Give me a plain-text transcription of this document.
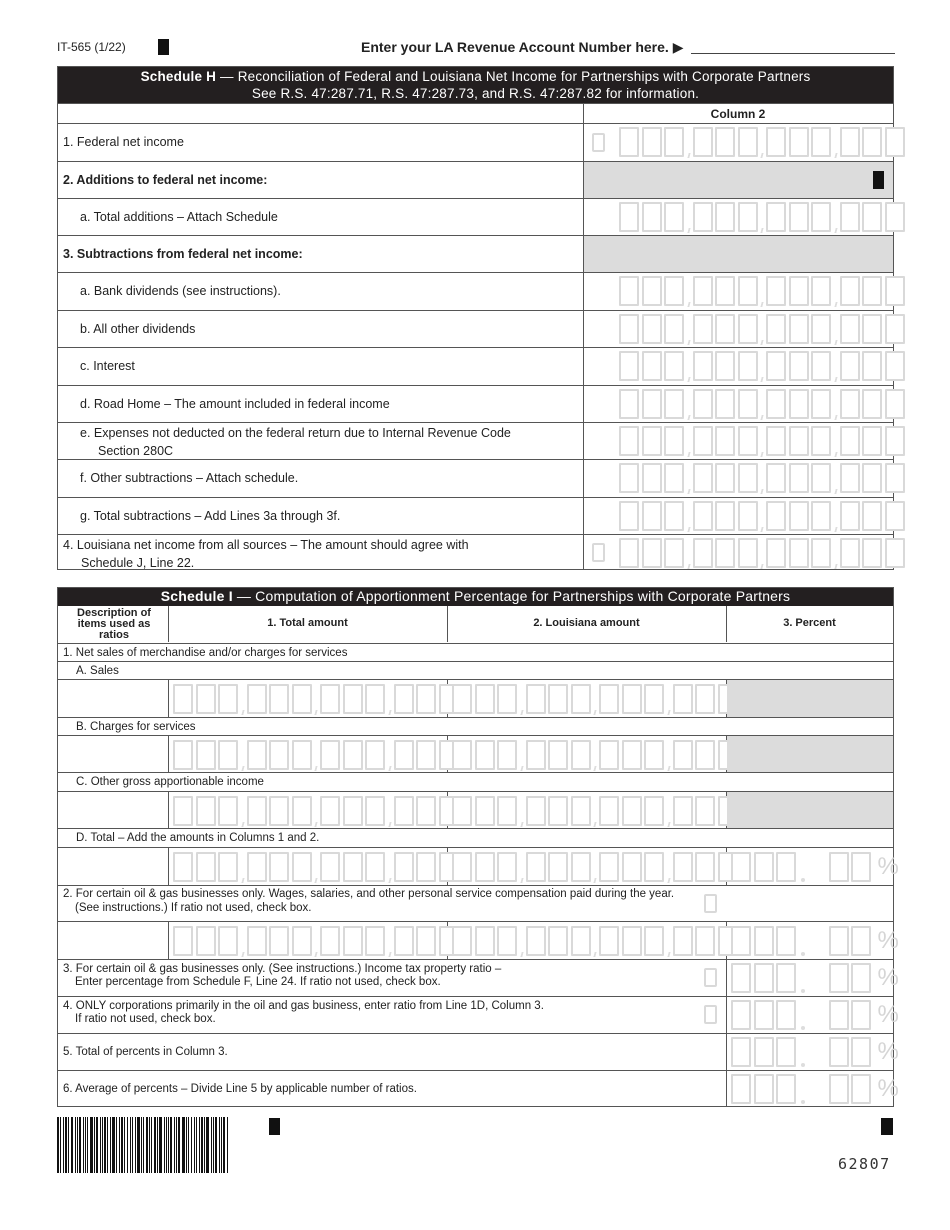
IT-565 (1/22)	Enter your LA Revenue Account Number here. ▶
Schedule H — Reconciliation of Federal and Louisiana Net Income for Partnerships with Corporate Partners
See R.S. 47:287.71, R.S. 47:287.73, and R.S. 47:287.82 for information.
Column 2
1. Federal net income
2. Additions to federal net income:
a. Total additions – Attach Schedule
3. Subtractions from federal net income:
a. Bank dividends (see instructions).
b. All other dividends
c. Interest
d. Road Home – The amount included in federal income
e. Expenses not deducted on the federal return due to Internal Revenue Code
Section 280C
f. Other subtractions – Attach schedule.
g. Total subtractions – Add Lines 3a through 3f.
4. Louisiana net income from all sources – The amount should agree with
Schedule J, Line 22.
Schedule I — Computation of Apportionment Percentage for Partnerships with Corporate Partners
Description of items used as ratios
1. Total amount	2. Louisiana amount	3. Percent
1. Net sales of merchandise and/or charges for services
A. Sales
B. Charges for services
C. Other gross apportionable income
D. Total – Add the amounts in Columns 1 and 2.
%
2. For certain oil & gas businesses only. Wages, salaries, and other personal service compensation paid during the year.
(See instructions.) If ratio not used, check box.
%
3. For certain oil & gas businesses only. (See instructions.) Income tax property ratio –
Enter percentage from Schedule F, Line 24. If ratio not used, check box.	%
4. ONLY corporations primarily in the oil and gas business, enter ratio from Line 1D, Column 3.
If ratio not used, check box.	%
5. Total of percents in Column 3.	%
6. Average of percents – Divide Line 5 by applicable number of ratios.	%
62807
